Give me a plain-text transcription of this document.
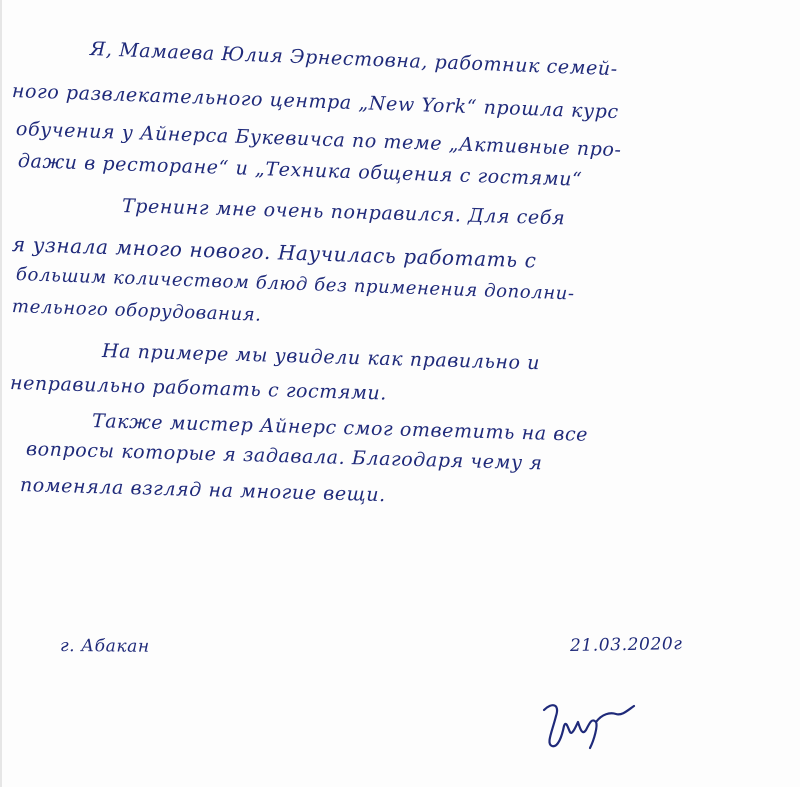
Я, Мамаева Юлия Эрнестовна, работник семей-
ного развлекательного центра „New York“ прошла курс
обучения у Айнерса Букевичса по теме „Активные про-
дажи в ресторане“ и „Техника общения с гостями“
Тренинг мне очень понравился. Для себя
я узнала много нового. Научилась работать с
большим количеством блюд без применения дополни-
тельного оборудования.
На примере мы увидели как правильно и
неправильно работать с гостями.
Также мистер Айнерс смог ответить на все
вопросы которые я задавала. Благодаря чему я
поменяла взгляд на многие вещи.
г. Абакан	21.03.2020г
